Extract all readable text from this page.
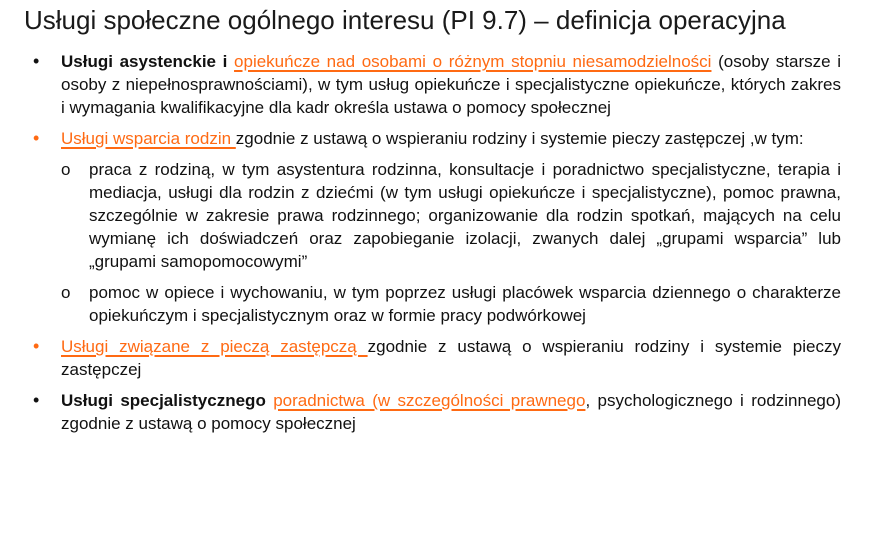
Usługi społeczne ogólnego interesu (PI 9.7) – definicja operacyjna
• Usługi asystenckie i opiekuńcze nad osobami o różnym stopniu niesamodzielności (osoby starsze i osoby z niepełnosprawnościami), w tym usług opiekuńcze i specjalistyczne opiekuńcze, których zakres i wymagania kwalifikacyjne dla kadr określa ustawa o pomocy społecznej
• Usługi wsparcia rodzin zgodnie z ustawą o wspieraniu rodziny i systemie pieczy zastępczej ,w tym:
o praca z rodziną, w tym asystentura rodzinna, konsultacje i poradnictwo specjalistyczne, terapia i mediacja, usługi dla rodzin z dziećmi (w tym usługi opiekuńcze i specjalistyczne), pomoc prawna, szczególnie w zakresie prawa rodzinnego; organizowanie dla rodzin spotkań, mających na celu wymianę ich doświadczeń oraz zapobieganie izolacji, zwanych dalej „grupami wsparcia” lub „grupami samopomocowymi”
o pomoc w opiece i wychowaniu, w tym poprzez usługi placówek wsparcia dziennego o charakterze opiekuńczym i specjalistycznym oraz w formie pracy podwórkowej
• Usługi związane z pieczą zastępczą zgodnie z ustawą o wspieraniu rodziny i systemie pieczy zastępczej
• Usługi specjalistycznego poradnictwa (w szczególności prawnego, psychologicznego i rodzinnego) zgodnie z ustawą o pomocy społecznej
